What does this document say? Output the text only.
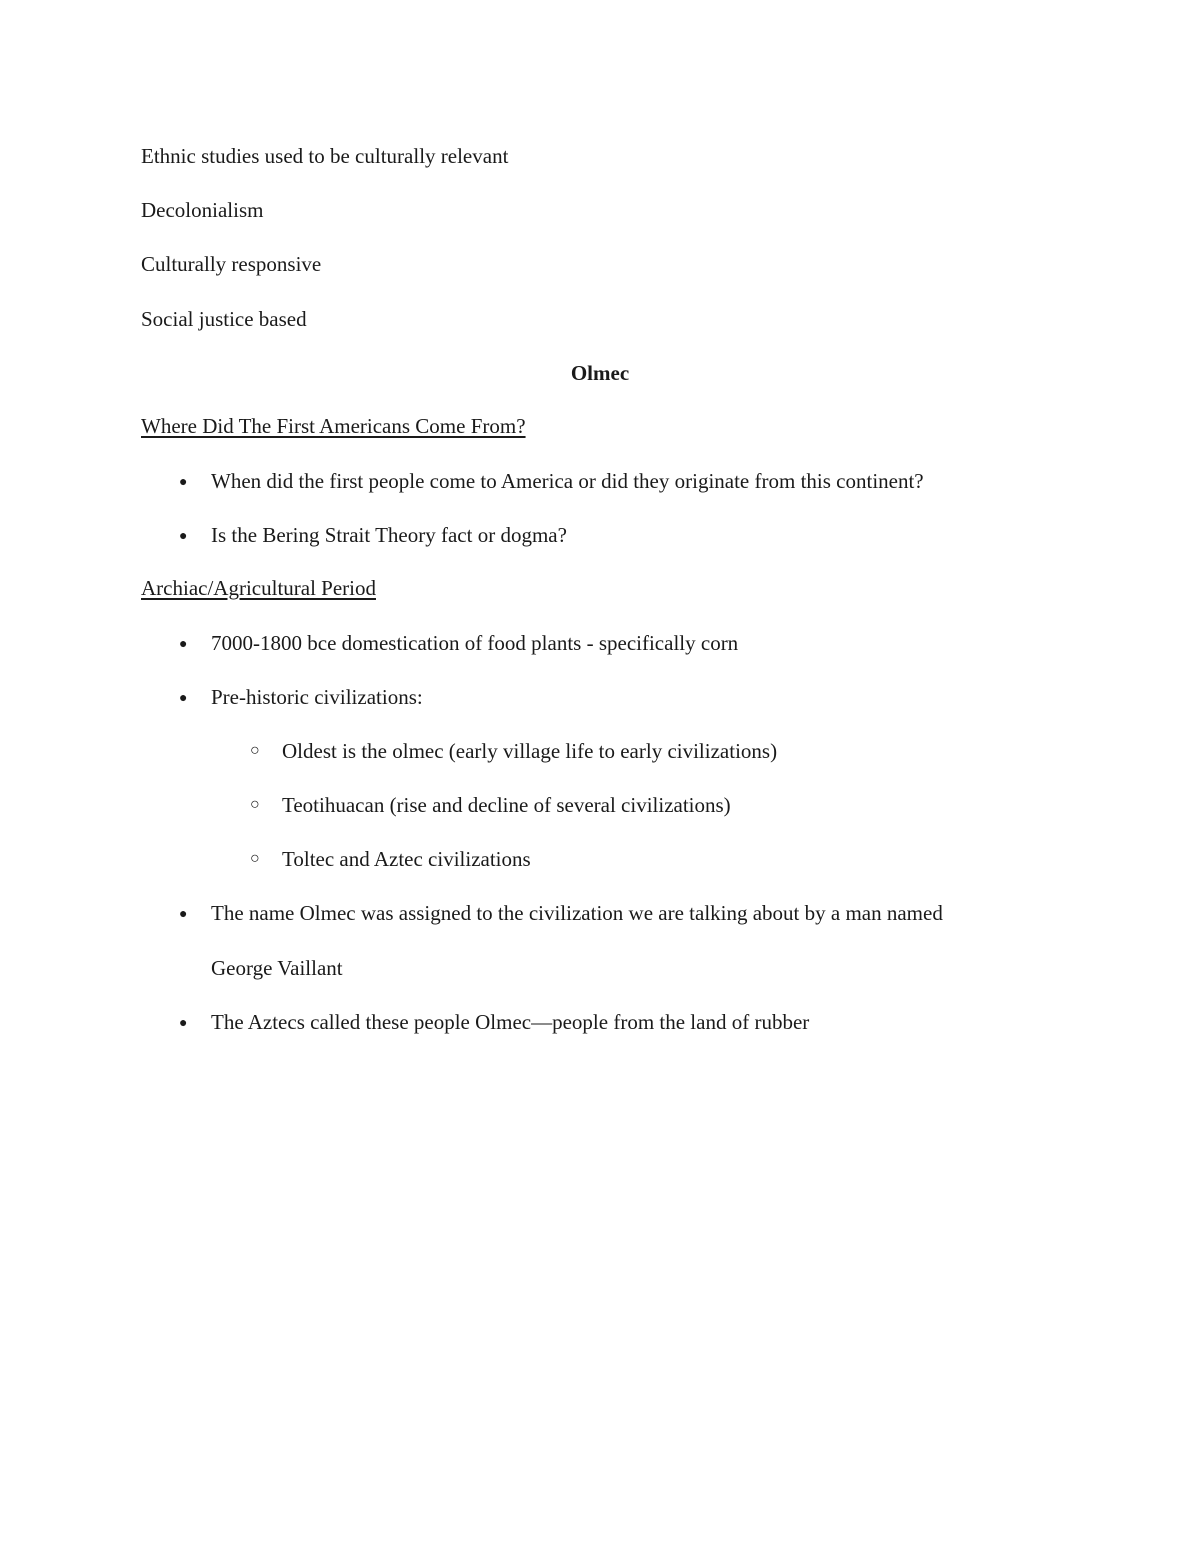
Ethnic studies used to be culturally relevant
Decolonialism
Culturally responsive
Social justice based
Olmec
Where Did The First Americans Come From?
● When did the first people come to America or did they originate from this continent?
● Is the Bering Strait Theory fact or dogma?
Archiac/Agricultural Period
● 7000-1800 bce domestication of food plants - specifically corn
● Pre-historic civilizations:
○ Oldest is the olmec (early village life to early civilizations)
○ Teotihuacan (rise and decline of several civilizations)
○ Toltec and Aztec civilizations
● The name Olmec was assigned to the civilization we are talking about by a man named
George Vaillant
● The Aztecs called these people Olmec—people from the land of rubber
